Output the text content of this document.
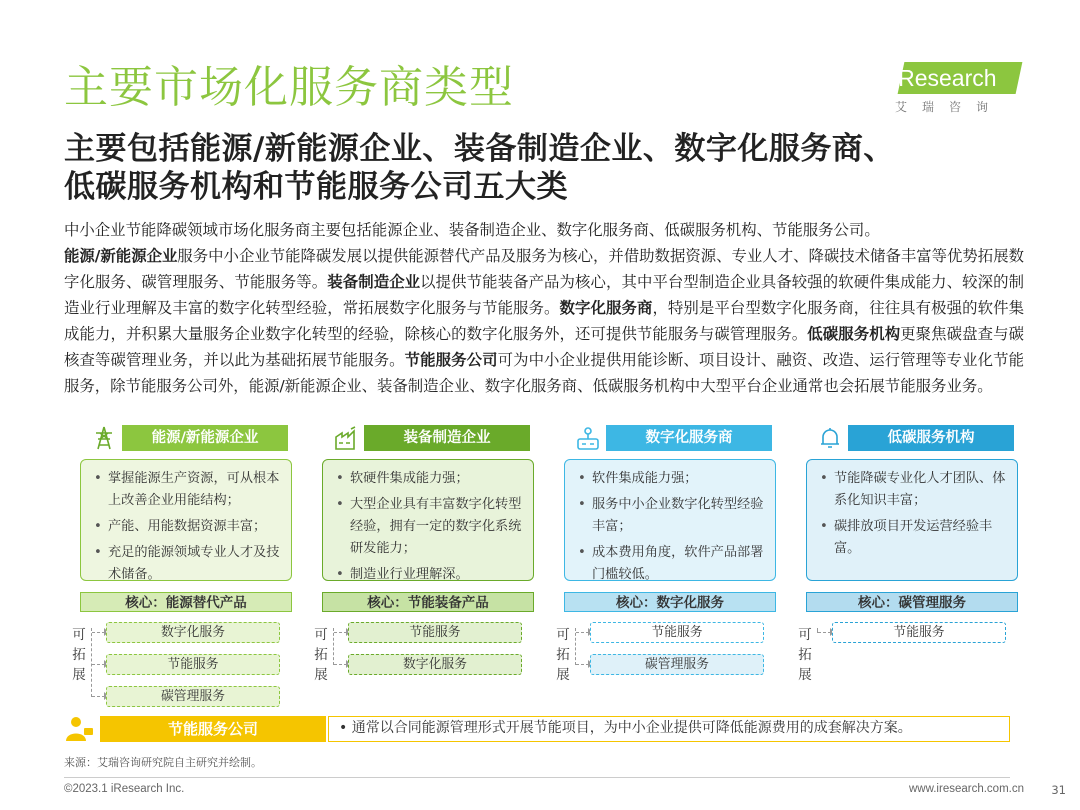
主要市场化服务商类型	iResearch
艾瑞咨询
主要包括能源/新能源企业、装备制造企业、数字化服务商、
低碳服务机构和节能服务公司五大类

中小企业节能降碳领域市场化服务商主要包括能源企业、装备制造企业、数字化服务商、低碳服务机构、节能服务公司。

能源/新能源企业服务中小企业节能降碳发展以提供能源替代产品及服务为核心，并借助数据资源、专业人才、降碳技术储备丰富等优势拓展数字化服务、碳管理服务、节能服务等。装备制造企业以提供节能装备产品为核心，其中平台型制造企业具备较强的软硬件集成能力、较深的制造业行业理解及丰富的数字化转型经验，常拓展数字化服务与节能服务。数字化服务商，特别是平台型数字化服务商，往往具有极强的软件集成能力，并积累大量服务企业数字化转型的经验，除核心的数字化服务外，还可提供节能服务与碳管理服务。低碳服务机构更聚焦碳盘查与碳核查等碳管理业务，并以此为基础拓展节能服务。节能服务公司可为中小企业提供用能诊断、项目设计、融资、改造、运行管理等专业化节能服务，除节能服务公司外，能源/新能源企业、装备制造企业、数字化服务商、低碳服务机构中大型平台企业通常也会拓展节能服务业务。

能源/新能源企业
• 掌握能源生产资源，可从根本上改善企业用能结构；
• 产能、用能数据资源丰富；
• 充足的能源领域专业人才及技术储备。
核心：能源替代产品
可拓展
数字化服务
节能服务
碳管理服务
装备制造企业
• 软硬件集成能力强；
• 大型企业具有丰富数字化转型经验，拥有一定的数字化系统研发能力；
• 制造业行业理解深。
核心：节能装备产品
可拓展
节能服务
数字化服务
数字化服务商
• 软件集成能力强；
• 服务中小企业数字化转型经验丰富；
• 成本费用角度，软件产品部署门槛较低。
核心：数字化服务
可拓展
节能服务
碳管理服务
低碳服务机构
• 节能降碳专业化人才团队、体系化知识丰富；
• 碳排放项目开发运营经验丰富。
核心：碳管理服务
可拓展
节能服务
节能服务公司	• 通常以合同能源管理形式开展节能项目，为中小企业提供可降低能源费用的成套解决方案。
来源：艾瑞咨询研究院自主研究并绘制。
©2023.1 iResearch Inc.	www.iresearch.com.cn 31
